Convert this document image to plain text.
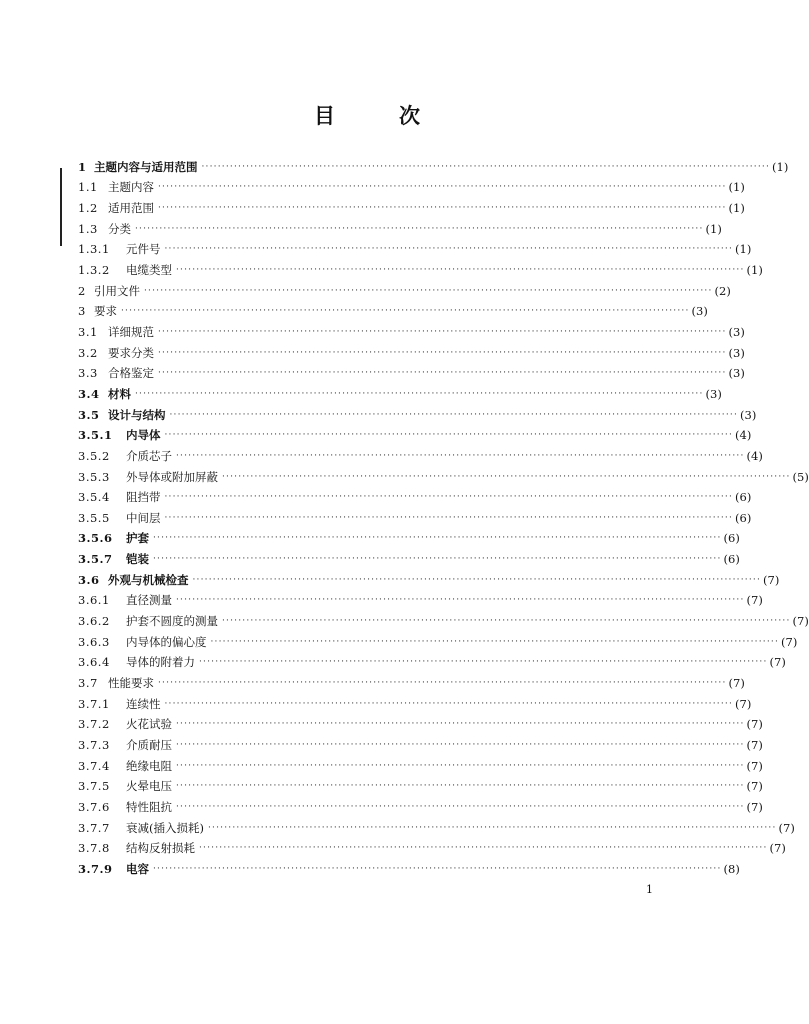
目	次
1 主题内容与适用范围 ············································································································································ (1)
1.1 主题内容 ············································································································································ (1)
1.2 适用范围 ············································································································································ (1)
1.3 分类 ············································································································································ (1)
1.3.1	元件号 ············································································································································ (1)
1.3.2	电缆类型 ············································································································································ (1)
2 引用文件 ············································································································································ (2)
3 要求 ············································································································································ (3)
3.1 详细规范 ············································································································································ (3)
3.2 要求分类 ············································································································································ (3)
3.3 合格鉴定 ············································································································································ (3)
3.4 材料 ············································································································································ (3)
3.5 设计与结构 ············································································································································ (3)
3.5.1	内导体 ············································································································································ (4)
3.5.2	介质芯子 ············································································································································ (4)
3.5.3	外导体或附加屏蔽 ············································································································································ (5)
3.5.4	阻挡带 ············································································································································ (6)
3.5.5	中间层 ············································································································································ (6)
3.5.6	护套 ············································································································································ (6)
3.5.7	铠装 ············································································································································ (6)
3.6 外观与机械检查 ············································································································································ (7)
3.6.1	直径测量 ············································································································································ (7)
3.6.2	护套不圆度的测量 ············································································································································ (7)
3.6.3	内导体的偏心度 ············································································································································ (7)
3.6.4	导体的附着力 ············································································································································ (7)
3.7 性能要求 ············································································································································ (7)
3.7.1	连续性 ············································································································································ (7)
3.7.2	火花试验 ············································································································································ (7)
3.7.3	介质耐压 ············································································································································ (7)
3.7.4	绝缘电阻 ············································································································································ (7)
3.7.5	火晕电压 ············································································································································ (7)
3.7.6	特性阻抗 ············································································································································ (7)
3.7.7	衰减(插入损耗) ············································································································································ (7)
3.7.8	结构反射损耗 ············································································································································ (7)
3.7.9	电容 ············································································································································ (8)
1
